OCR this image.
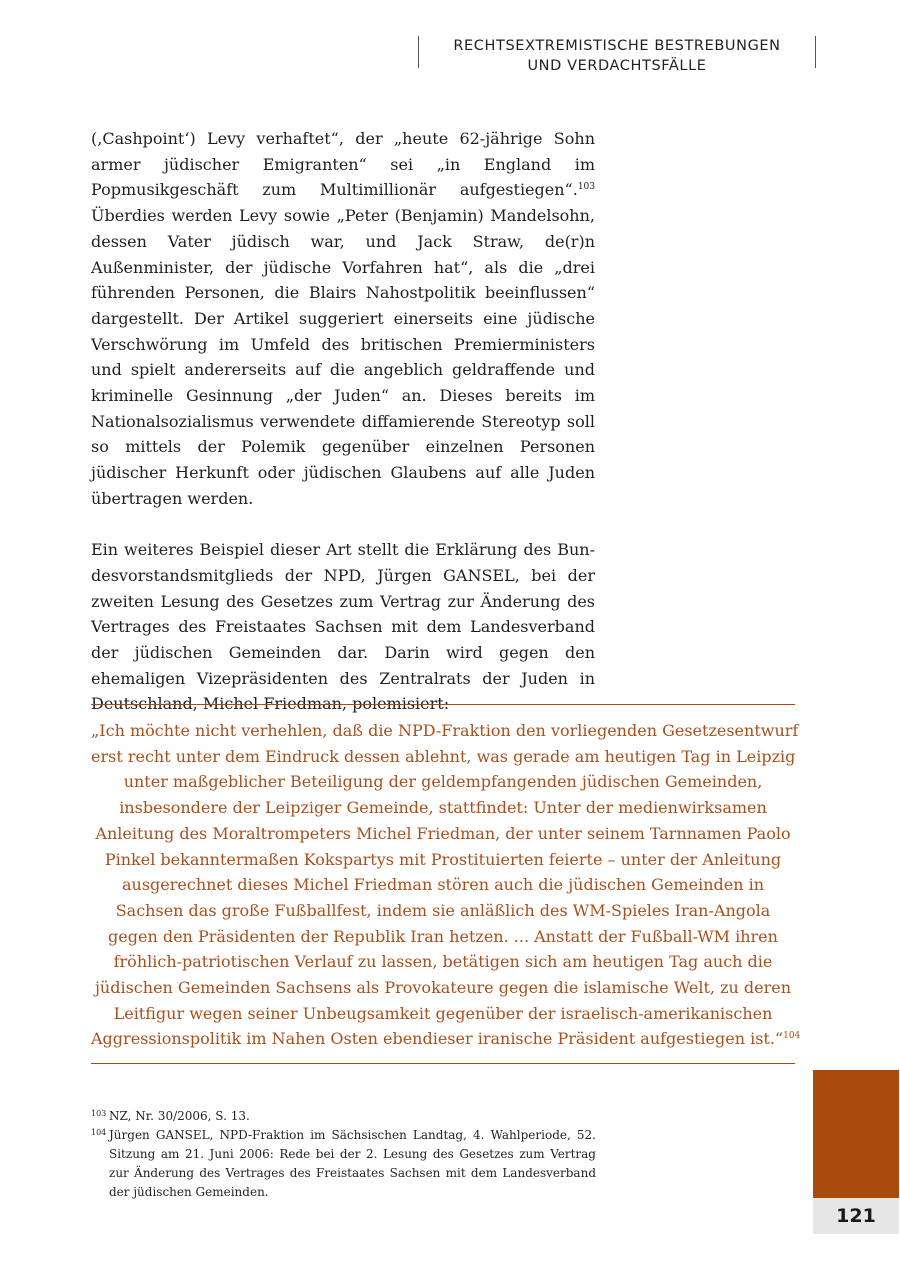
RECHTSEXTREMISTISCHE BESTREBUNGEN
UND VERDACHTSFÄLLE

(‚Cashpoint‘) Levy verhaftet“, der „heute 62-jährige Sohn armer jüdischer Emigranten“ sei „in England im Popmusikgeschäft zum Multimillionär aufgestiegen“.$^{103}$ Überdies werden Levy sowie „Peter (Benjamin) Mandelsohn, dessen Vater jüdisch war, und Jack Straw, de(r)n Außenminister, der jüdische Vorfahren hat“, als die „drei führenden Personen, die Blairs Nahostpolitik beeinflussen“ dargestellt. Der Artikel suggeriert einerseits eine jüdische Verschwörung im Umfeld des britischen Premierministers und spielt andererseits auf die angeblich geldraffende und kriminelle Gesinnung „der Juden“ an. Dieses bereits im Nationalsozialismus verwendete diffamierende Stereotyp soll so mittels der Polemik gegenüber einzelnen Personen jüdischer Herkunft oder jüdischen Glaubens auf alle Juden übertragen werden.

Ein weiteres Beispiel dieser Art stellt die Erklärung des Bundesvorstandsmitglieds der NPD, Jürgen GANSEL, bei der zweiten Lesung des Gesetzes zum Vertrag zur Änderung des Vertrages des Freistaates Sachsen mit dem Landesverband der jüdischen Gemeinden dar. Darin wird gegen den ehemaligen Vizepräsidenten des Zentralrats der Juden in Deutschland, Michel Friedman, polemisiert:

„Ich möchte nicht verhehlen, daß die NPD-Fraktion den vorliegenden Gesetzesentwurf
erst recht unter dem Eindruck dessen ablehnt, was gerade am heutigen Tag in Leipzig
unter maßgeblicher Beteiligung der geldempfangenden jüdischen Gemeinden,
insbesondere der Leipziger Gemeinde, stattfindet: Unter der medienwirksamen
Anleitung des Moraltrompeters Michel Friedman, der unter seinem Tarnnamen Paolo
Pinkel bekanntermaßen Kokspartys mit Prostituierten feierte – unter der Anleitung
ausgerechnet dieses Michel Friedman stören auch die jüdischen Gemeinden in
Sachsen das große Fußballfest, indem sie anläßlich des WM-Spieles Iran-Angola
gegen den Präsidenten der Republik Iran hetzen. ... Anstatt der Fußball-WM ihren
fröhlich-patriotischen Verlauf zu lassen, betätigen sich am heutigen Tag auch die
jüdischen Gemeinden Sachsens als Provokateure gegen die islamische Welt, zu deren
Leitfigur wegen seiner Unbeugsamkeit gegenüber der israelisch-amerikanischen
Aggressionspolitik im Nahen Osten ebendieser iranische Präsident aufgestiegen ist.“$^{104}$
103 NZ, Nr. 30/2006, S. 13.
104 Jürgen GANSEL, NPD-Fraktion im Sächsischen Landtag, 4. Wahlperiode, 52. Sitzung am 21. Juni 2006: Rede bei der 2. Lesung des Gesetzes zum Vertrag zur Änderung des Vertrages des Freistaates Sachsen mit dem Landesverband der jüdischen Gemeinden.
121
